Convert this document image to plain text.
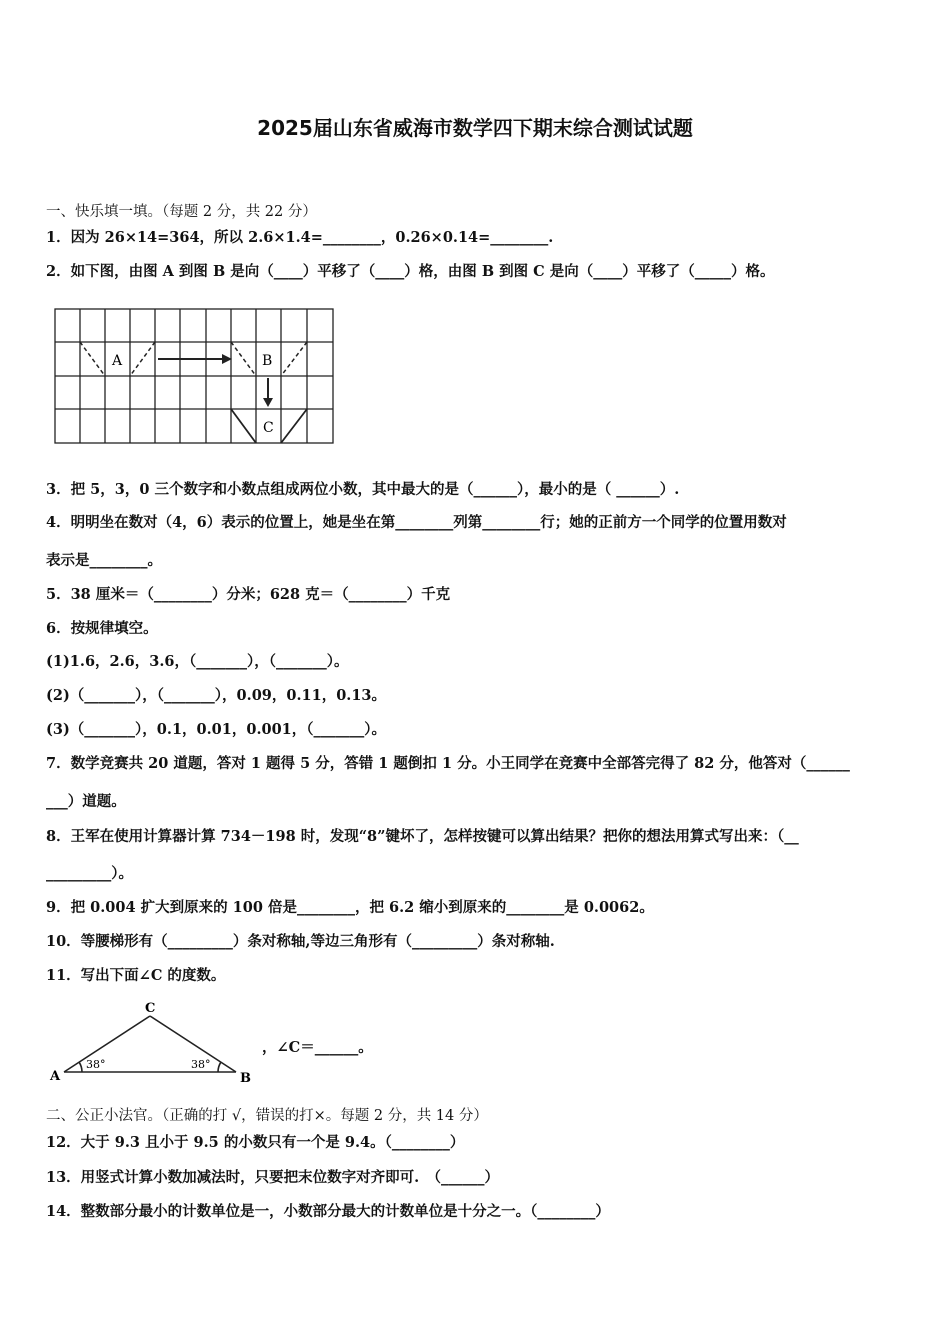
2025届山东省威海市数学四下期末综合测试试题
一、快乐填一填。（每题 2 分，共 22 分）
1．因为 26×14=364，所以 2.6×1.4=________，0.26×0.14=________.
2．如下图，由图 A 到图 B 是向（____）平移了（____）格，由图 B 到图 C 是向（____）平移了（_____）格。
A	B
C
3．把 5，3，0 三个数字和小数点组成两位小数，其中最大的是（______），最小的是（ ______）.
4．明明坐在数对（4，6）表示的位置上，她是坐在第________列第________行；她的正前方一个同学的位置用数对
表示是________。
5．38 厘米＝（________）分米；628 克＝（________）千克
6．按规律填空。
(1)1.6，2.6，3.6，（_______），（_______）。
(2)（_______），（_______），0.09，0.11，0.13。
(3)（_______），0.1，0.01，0.001，（_______）。
7．数学竞赛共 20 道题，答对 1 题得 5 分，答错 1 题倒扣 1 分。小王同学在竞赛中全部答完得了 82 分，他答对（______
___）道题。
8．王军在使用计算器计算 734－198 时，发现“8”键坏了，怎样按键可以算出结果？把你的想法用算式写出来：（__
_________）。
9．把 0.004 扩大到原来的 100 倍是________，把 6.2 缩小到原来的________是 0.0062。
10．等腰梯形有（_________）条对称轴,等边三角形有（_________）条对称轴.
11．写出下面∠C 的度数。
A	B
C
38°	38°
，∠C＝______。
二、公正小法官。（正确的打 √，错误的打×。每题 2 分，共 14 分）
12．大于 9.3 且小于 9.5 的小数只有一个是 9.4。（________）
13．用竖式计算小数加减法时，只要把末位数字对齐即可.　（______）
14．整数部分最小的计数单位是一，小数部分最大的计数单位是十分之一。（________）
